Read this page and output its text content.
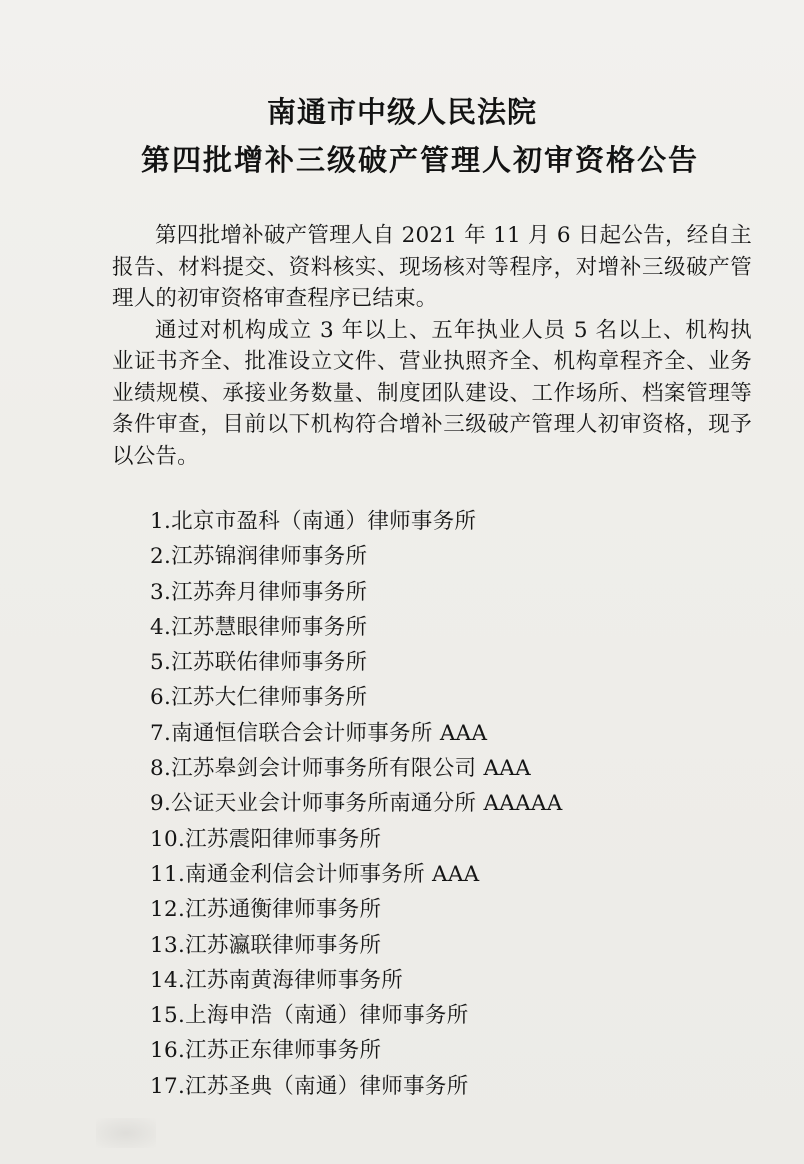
南通市中级人民法院
第四批增补三级破产管理人初审资格公告

第四批增补破产管理人自 2021 年 11 月 6 日起公告，经自主报告、材料提交、资料核实、现场核对等程序，对增补三级破产管理人的初审资格审查程序已结束。

通过对机构成立 3 年以上、五年执业人员 5 名以上、机构执业证书齐全、批准设立文件、营业执照齐全、机构章程齐全、业务业绩规模、承接业务数量、制度团队建设、工作场所、档案管理等条件审查，目前以下机构符合增补三级破产管理人初审资格，现予以公告。

1.北京市盈科（南通）律师事务所
2.江苏锦润律师事务所
3.江苏奔月律师事务所
4.江苏慧眼律师事务所
5.江苏联佑律师事务所
6.江苏大仁律师事务所
7.南通恒信联合会计师事务所 AAA
8.江苏皋剑会计师事务所有限公司 AAA
9.公证天业会计师事务所南通分所 AAAAA
10.江苏震阳律师事务所
11.南通金利信会计师事务所 AAA
12.江苏通衡律师事务所
13.江苏瀛联律师事务所
14.江苏南黄海律师事务所
15.上海申浩（南通）律师事务所
16.江苏正东律师事务所
17.江苏圣典（南通）律师事务所
